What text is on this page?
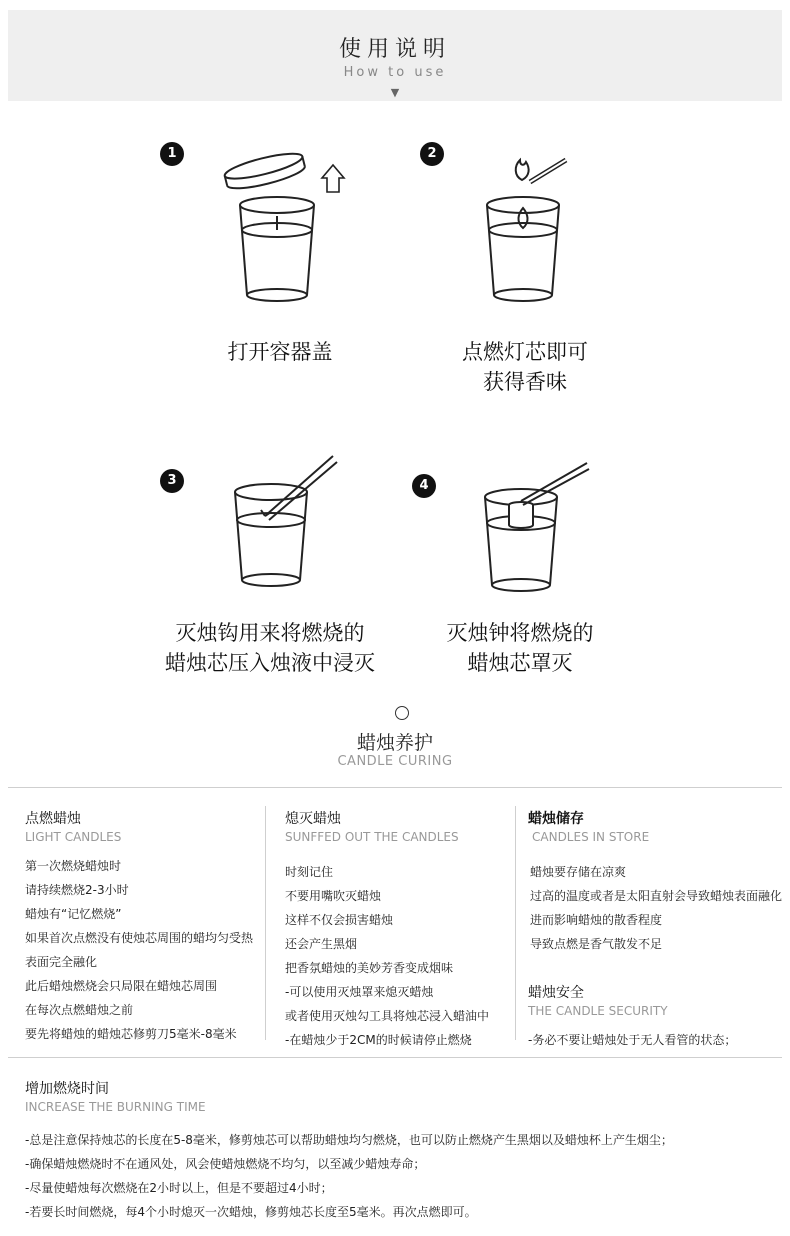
使用说明
How to use
▼
1
打开容器盖
2
点燃灯芯即可
获得香味
3
灭烛钩用来将燃烧的
蜡烛芯压入烛液中浸灭
4
灭烛钟将燃烧的
蜡烛芯罩灭
蜡烛养护
CANDLE CURING
点燃蜡烛
LIGHT CANDLES
第一次燃烧蜡烛时
请持续燃烧2-3小时
蜡烛有“记忆燃烧”
如果首次点燃没有使烛芯周围的蜡均匀受热
表面完全融化
此后蜡烛燃烧会只局限在蜡烛芯周围
在每次点燃蜡烛之前
要先将蜡烛的蜡烛芯修剪刀5毫米-8毫米
熄灭蜡烛
SUNFFED OUT THE CANDLES
时刻记住
不要用嘴吹灭蜡烛
这样不仅会损害蜡烛
还会产生黑烟
把香氛蜡烛的美妙芳香变成烟味
-可以使用灭烛罩来熄灭蜡烛
或者使用灭烛勾工具将烛芯浸入蜡油中
-在蜡烛少于2CM的时候请停止燃烧
蜡烛储存
CANDLES IN STORE
蜡烛要存储在凉爽
过高的温度或者是太阳直射会导致蜡烛表面融化
进而影响蜡烛的散香程度
导致点燃是香气散发不足
蜡烛安全
THE CANDLE SECURITY
-务必不要让蜡烛处于无人看管的状态；
增加燃烧时间
INCREASE THE BURNING TIME
-总是注意保持烛芯的长度在5-8毫米，修剪烛芯可以帮助蜡烛均匀燃烧，也可以防止燃烧产生黑烟以及蜡烛杯上产生烟尘；
-确保蜡烛燃烧时不在通风处，风会使蜡烛燃烧不均匀，以至减少蜡烛寿命；
-尽量使蜡烛每次燃烧在2小时以上，但是不要超过4小时；
-若要长时间燃烧，每4个小时熄灭一次蜡烛，修剪烛芯长度至5毫米。再次点燃即可。
